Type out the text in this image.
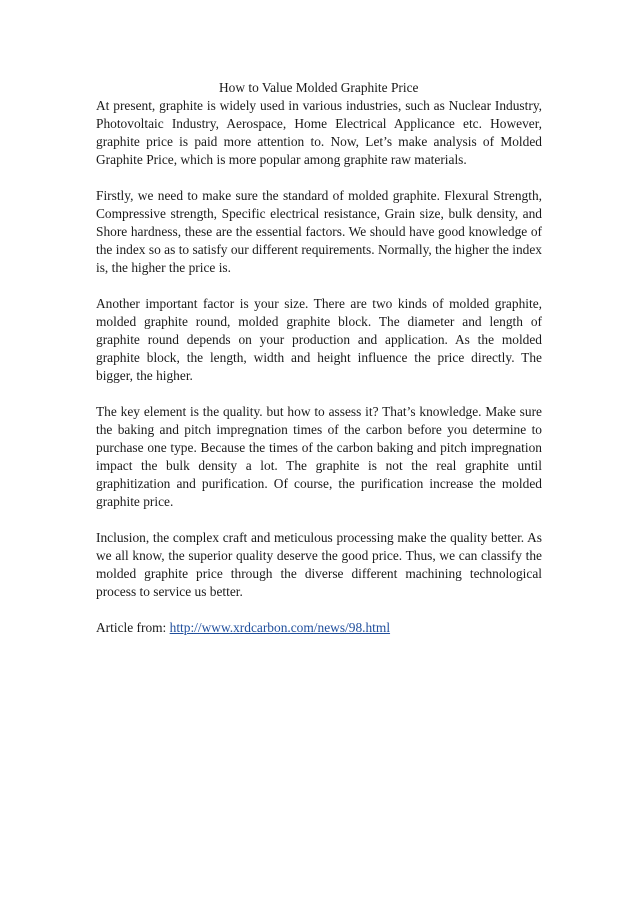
How to Value Molded Graphite Price

At present, graphite is widely used in various industries, such as Nuclear Industry, Photovoltaic Industry, Aerospace, Home Electrical Applicance etc. However, graphite price is paid more attention to. Now, Let’s make analysis of Molded Graphite Price, which is more popular among graphite raw materials.

Firstly, we need to make sure the standard of molded graphite. Flexural Strength, Compressive strength, Specific electrical resistance, Grain size, bulk density, and Shore hardness, these are the essential factors. We should have good knowledge of the index so as to satisfy our different requirements. Normally, the higher the index is, the higher the price is.

Another important factor is your size. There are two kinds of molded graphite, molded graphite round, molded graphite block. The diameter and length of graphite round depends on your production and application. As the molded graphite block, the length, width and height influence the price directly. The bigger, the higher.

The key element is the quality. but how to assess it? That’s knowledge. Make sure the baking and pitch impregnation times of the carbon before you determine to purchase one type. Because the times of the carbon baking and pitch impregnation impact the bulk density a lot. The graphite is not the real graphite until graphitization and purification. Of course, the purification increase the molded graphite price.

Inclusion, the complex craft and meticulous processing make the quality better. As we all know, the superior quality deserve the good price. Thus, we can classify the molded graphite price through the diverse different machining technological process to service us better.

Article from: http://www.xrdcarbon.com/news/98.html
